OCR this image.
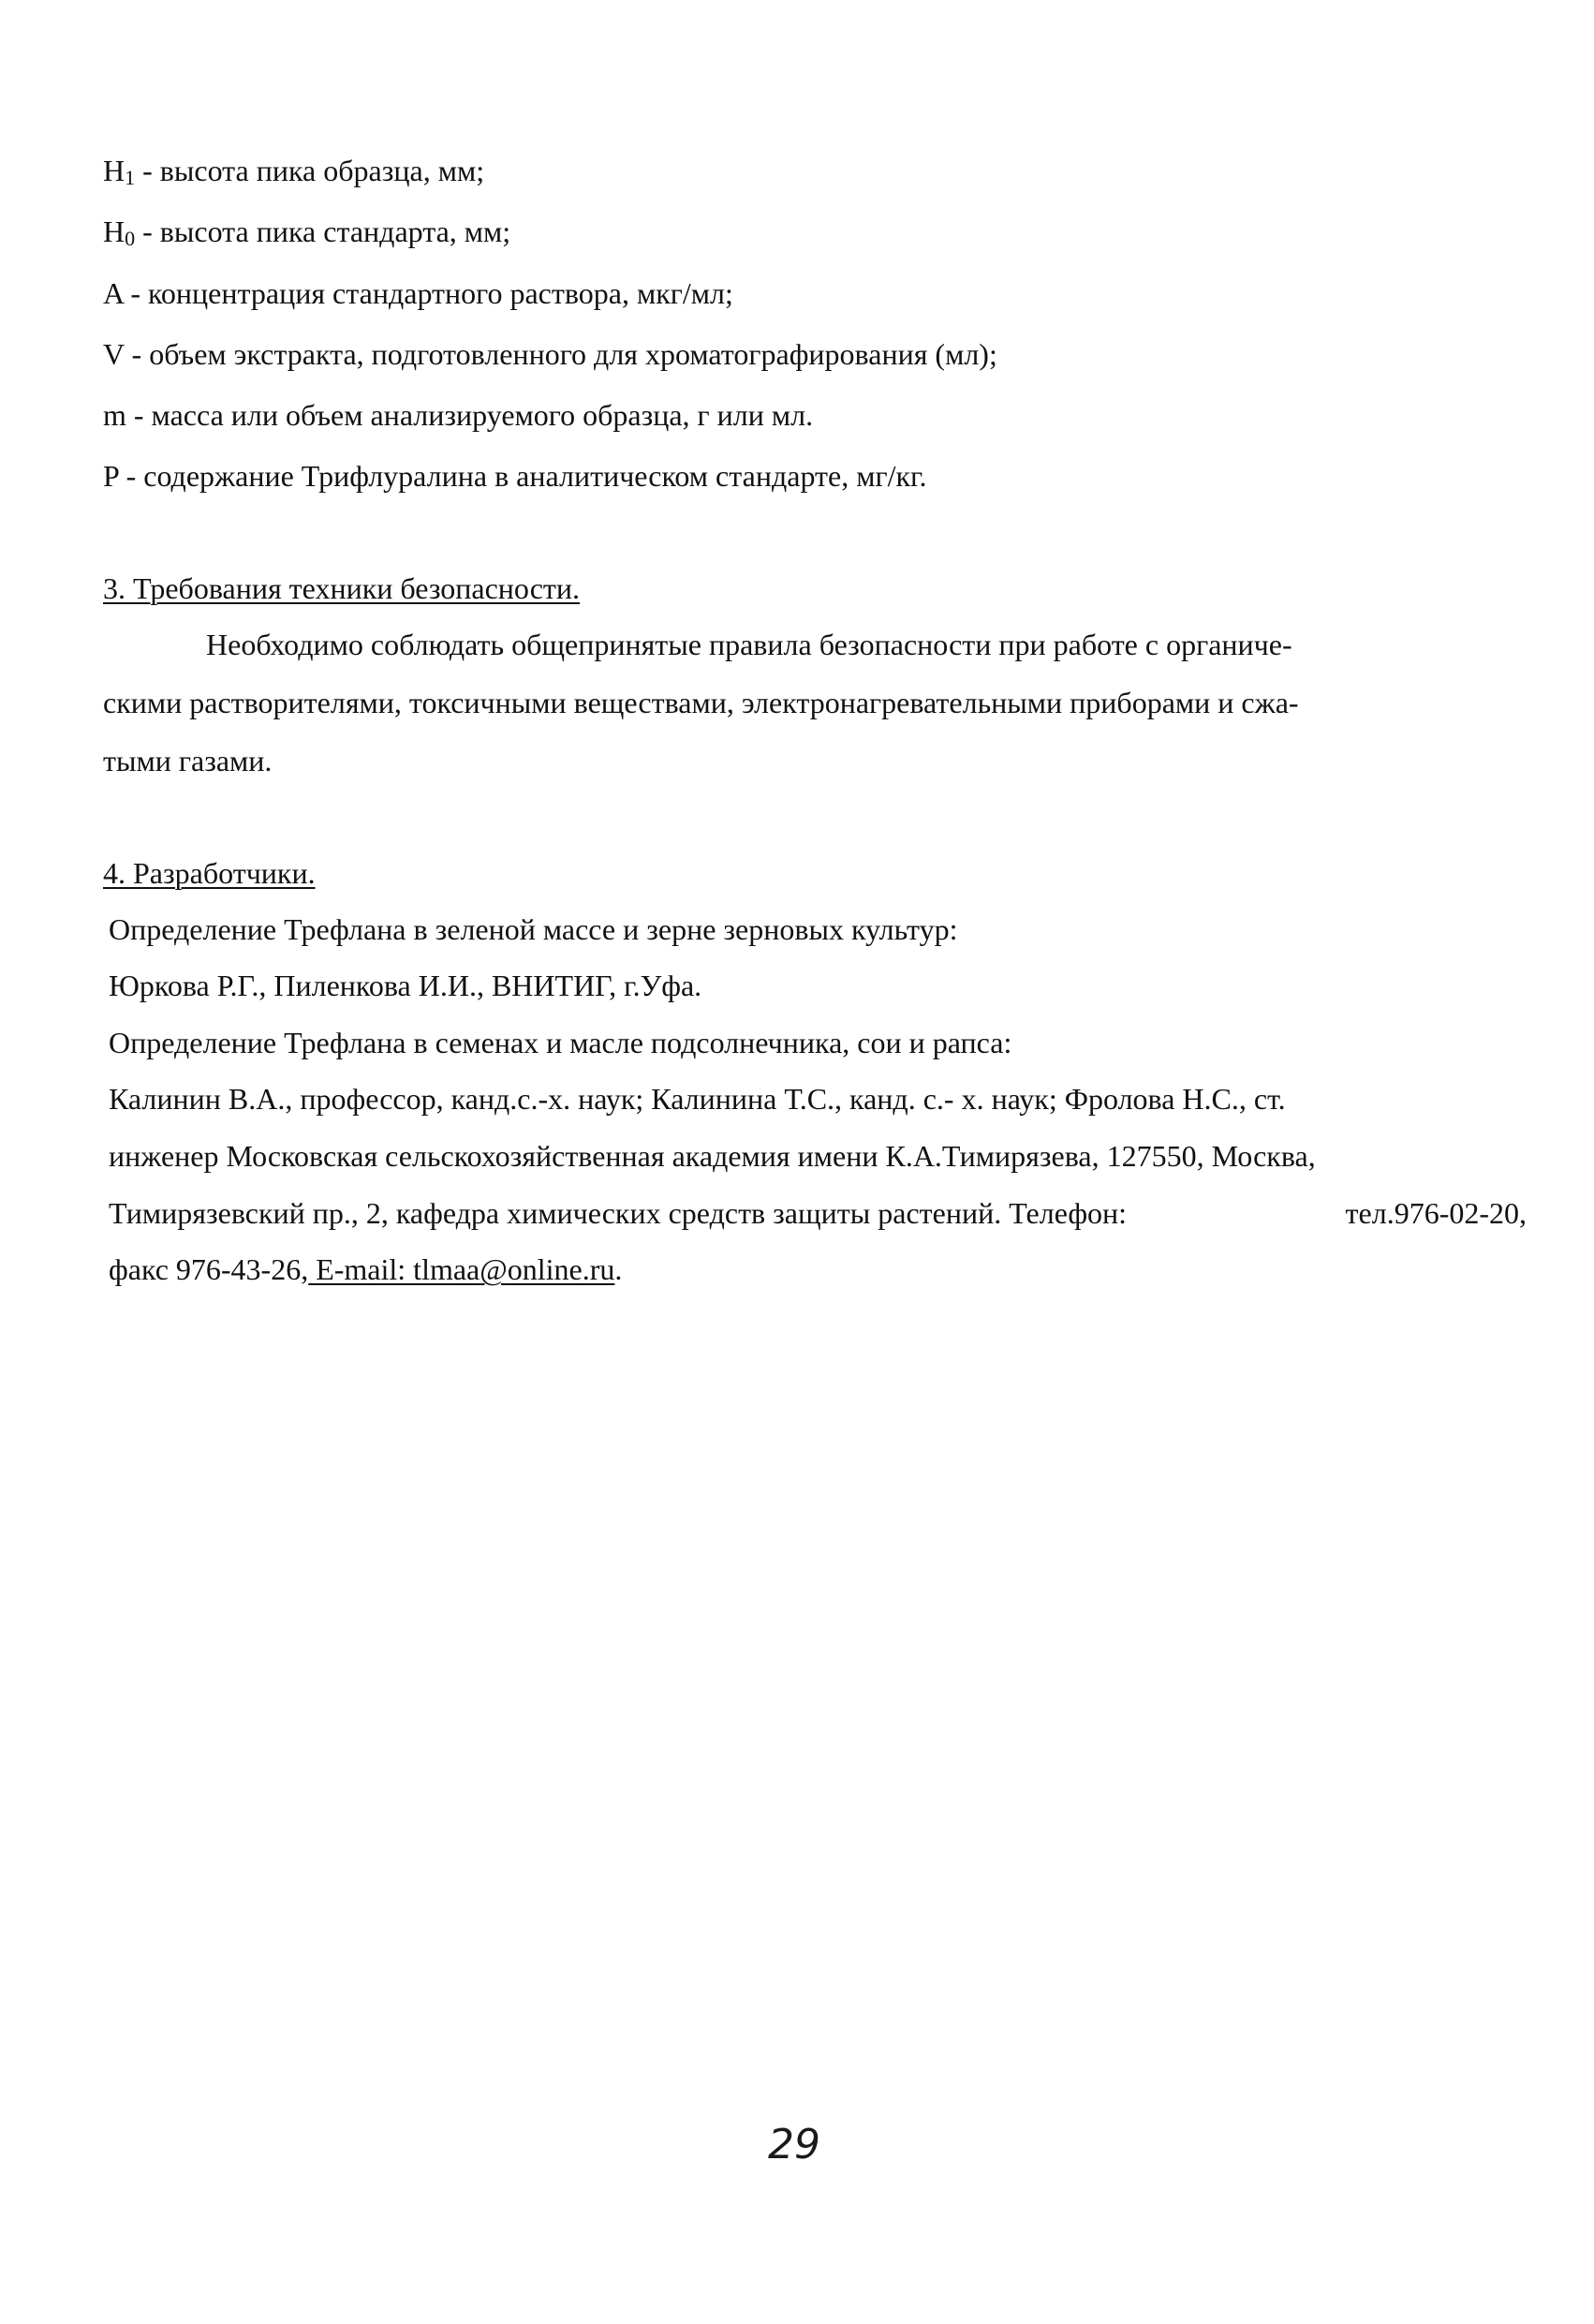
$H_1$ - высота пика образца, мм;
$H_0$ - высота пика стандарта, мм;
A - концентрация стандартного раствора, мкг/мл;
V - объем экстракта, подготовленного для хроматографирования (мл);
m - масса или объем анализируемого образца, г или мл.
P - содержание Трифлуралина в аналитическом стандарте, мг/кг.
3. Требования техники безопасности.
Необходимо соблюдать общепринятые правила безопасности при работе с органиче-
скими растворителями, токсичными веществами, электронагревательными приборами и сжа-
тыми газами.
4. Разработчики.
Определение Трефлана в зеленой массе и зерне зерновых культур:
Юркова Р.Г., Пиленкова И.И., ВНИТИГ, г.Уфа.
Определение Трефлана в семенах и масле подсолнечника, сои и рапса:
Калинин В.А., профессор, канд.с.-х. наук; Калинина Т.С., канд. с.- х. наук; Фролова Н.С., ст.
инженер Московская сельскохозяйственная академия имени К.А.Тимирязева, 127550, Москва,
Тимирязевский пр., 2, кафедра химических средств защиты растений. Телефон:	тел.976-02-20,
факс 976-43-26, E-mail: tlmaa@online.ru.
29
